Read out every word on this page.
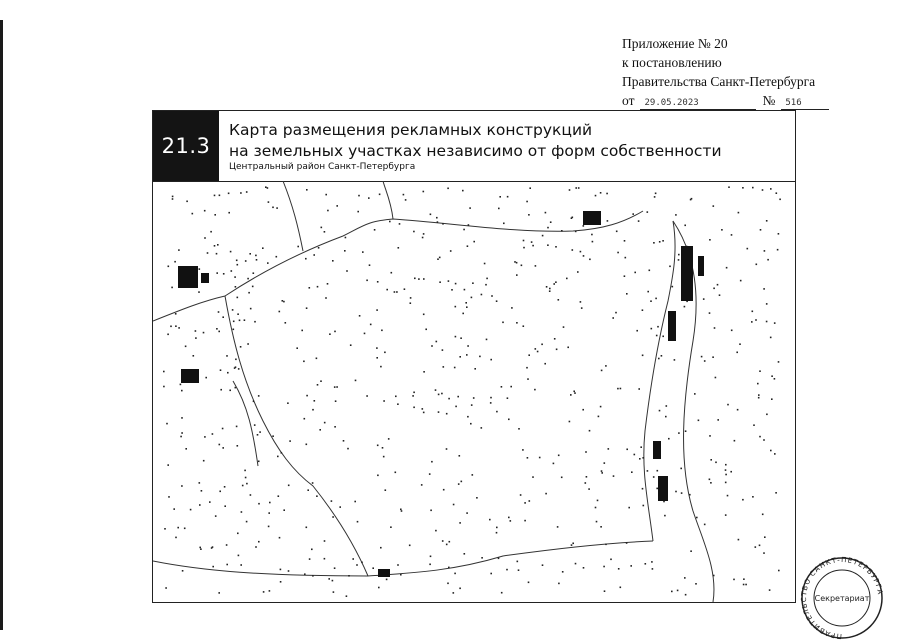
Приложение № 20
к постановлению
Правительства Санкт-Петербурга
от	29.05.2023	№	516
21.3
Карта размещения рекламных конструкций
на земельных участках независимо от форм собственности
Центральный район Санкт-Петербурга
ПРАВИТЕЛЬСТВО САНКТ-ПЕТЕРБУРГА
Секретариат
